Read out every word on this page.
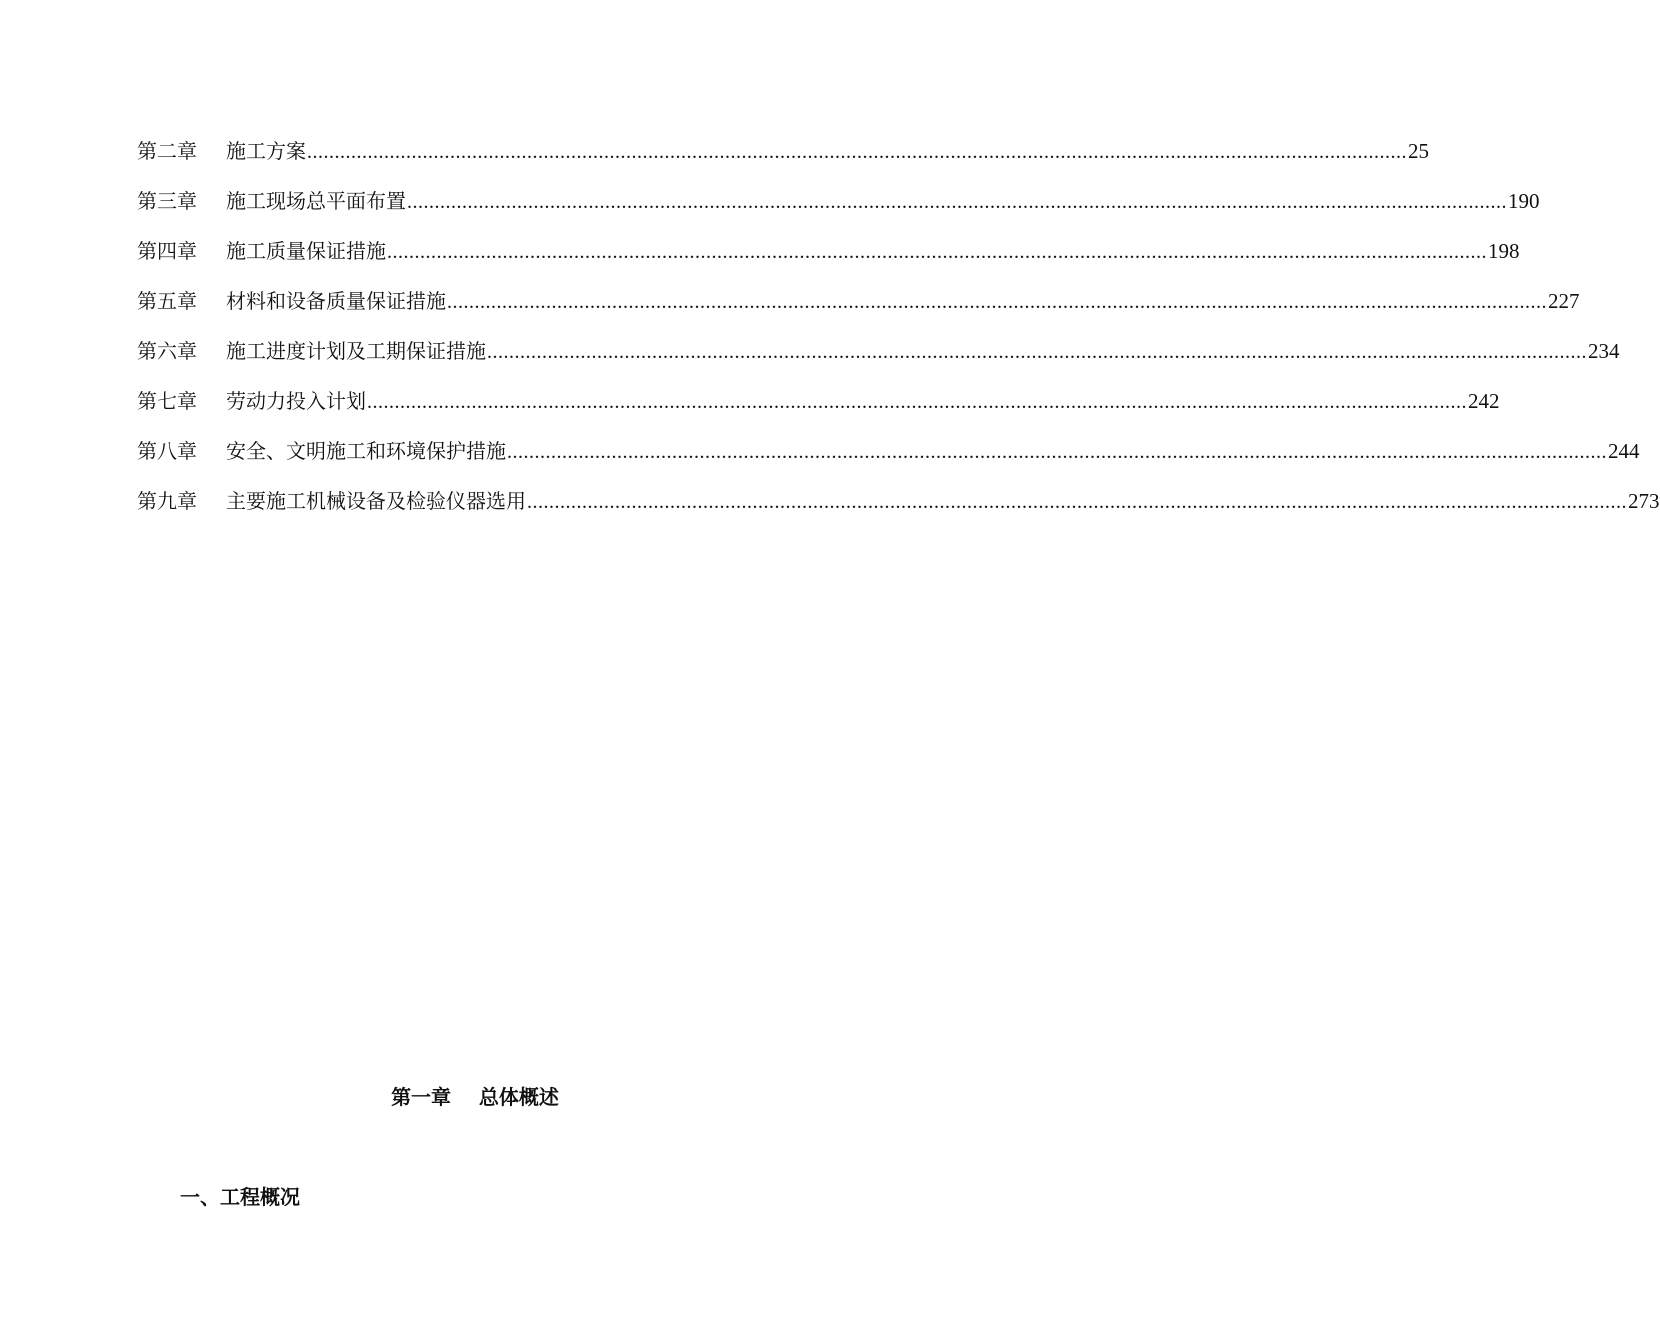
第二章	施工方案 ........................................................................................................................................................................................................ 25
第三章	施工现场总平面布置 ........................................................................................................................................................................................................ 190
第四章	施工质量保证措施 ........................................................................................................................................................................................................ 198
第五章	材料和设备质量保证措施 ........................................................................................................................................................................................................ 227
第六章	施工进度计划及工期保证措施 ........................................................................................................................................................................................................ 234
第七章	劳动力投入计划 ........................................................................................................................................................................................................ 242
第八章	安全、文明施工和环境保护措施 ........................................................................................................................................................................................................ 244
第九章	主要施工机械设备及检验仪器选用 ........................................................................................................................................................................................................ 273
第一章    总体概述
一、工程概况
